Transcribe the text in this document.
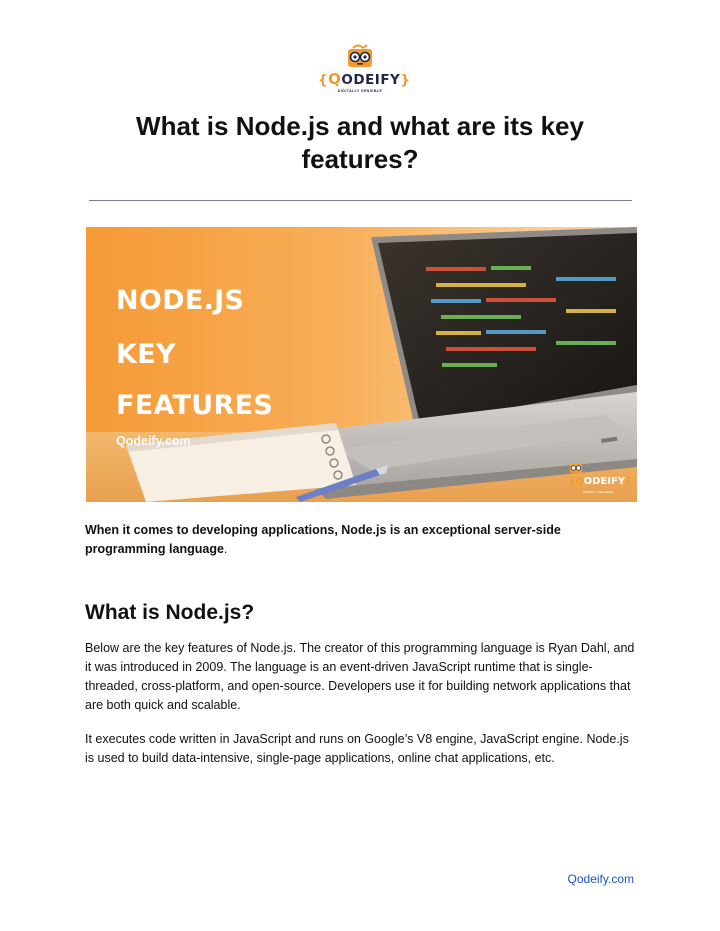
{QODEIFY}
DIGITALLY SENSIBLE
What is Node.js and what are its key features?
NODE.JS
KEY
FEATURES
Qodeify.com
{QODEIFY}
DIGITALLY SENSIBLE

When it comes to developing applications, Node.js is an exceptional server-side programming language.

What is Node.js?

Below are the key features of Node.js. The creator of this programming language is Ryan Dahl, and it was introduced in 2009. The language is an event-driven JavaScript runtime that is single-threaded, cross-platform, and open-source. Developers use it for building network applications that are both quick and scalable.

It executes code written in JavaScript and runs on Google’s V8 engine, JavaScript engine. Node.js is used to build data-intensive, single-page applications, online chat applications, etc.

Qodeify.com
